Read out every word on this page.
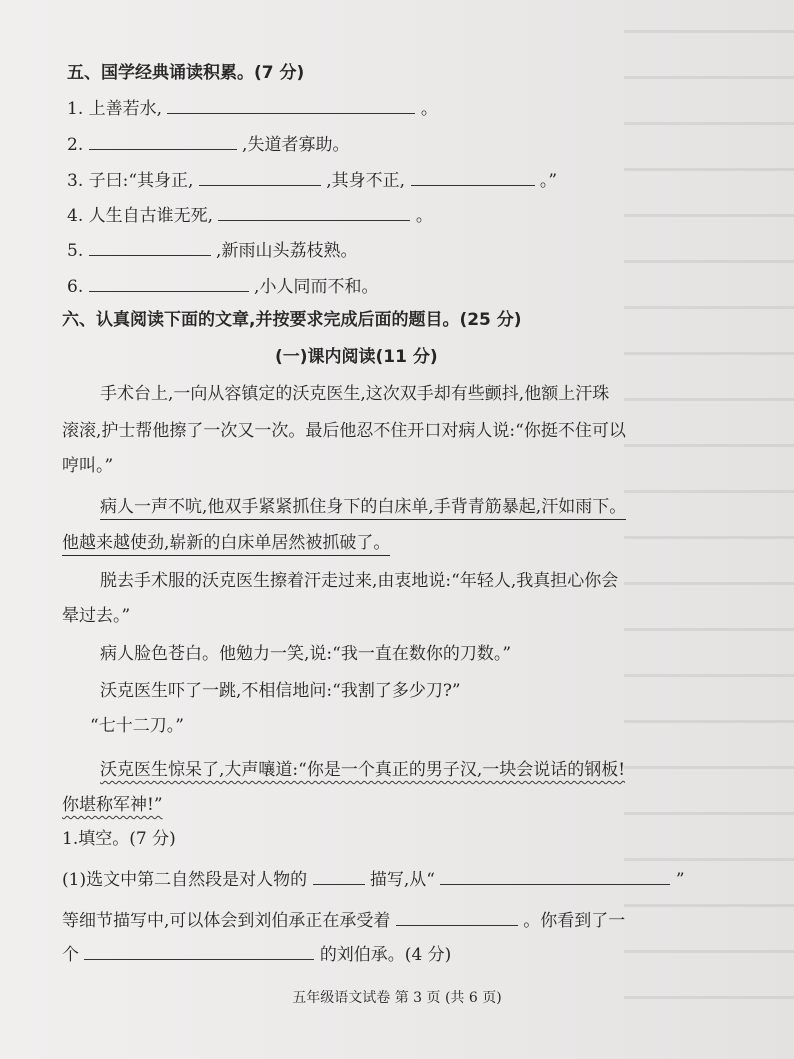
五、国学经典诵读积累。(7 分)
1. 上善若水,	。
2.	,失道者寡助。
3. 子曰:“其身正,	,其身不正,	。”
4. 人生自古谁无死,	。
5.	,新雨山头荔枝熟。
6.	,小人同而不和。
六、认真阅读下面的文章,并按要求完成后面的题目。(25 分)
(一)课内阅读(11 分)
手术台上,一向从容镇定的沃克医生,这次双手却有些颤抖,他额上汗珠
滚滚,护士帮他擦了一次又一次。最后他忍不住开口对病人说:“你挺不住可以
哼叫。”
病人一声不吭,他双手紧紧抓住身下的白床单,手背青筋暴起,汗如雨下。
他越来越使劲,崭新的白床单居然被抓破了。
脱去手术服的沃克医生擦着汗走过来,由衷地说:“年轻人,我真担心你会
晕过去。”
病人脸色苍白。他勉力一笑,说:“我一直在数你的刀数。”
沃克医生吓了一跳,不相信地问:“我割了多少刀?”
“七十二刀。”
沃克医生惊呆了,大声嚷道:“你是一个真正的男子汉,一块会说话的钢板!
你堪称军神!”
1.填空。(7 分)
(1)选文中第二自然段是对人物的	描写,从“	”
等细节描写中,可以体会到刘伯承正在承受着	。你看到了一
个	的刘伯承。(4 分)
五年级语文试卷 第 3 页 (共 6 页)
